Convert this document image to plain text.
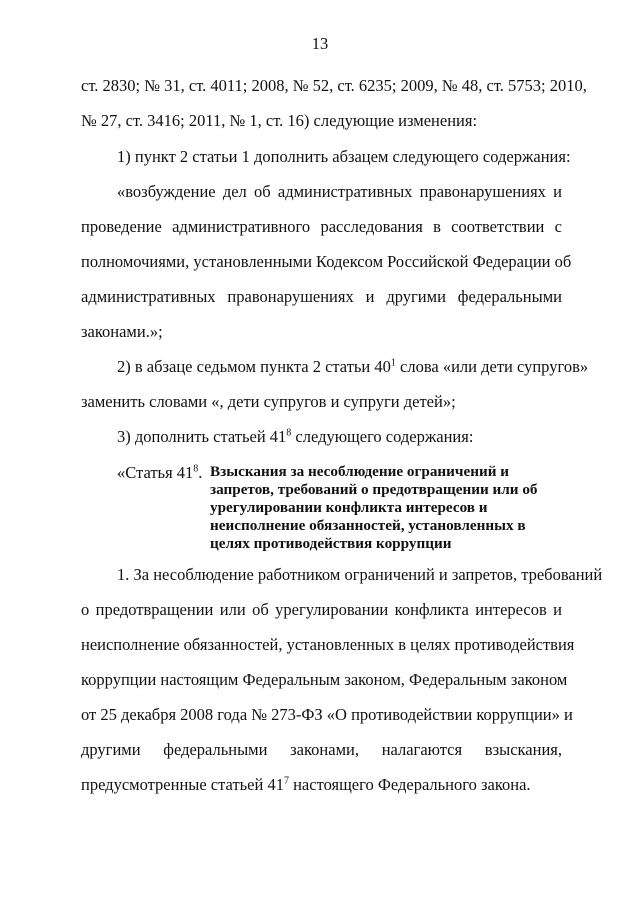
13
ст. 2830; № 31, ст. 4011; 2008, № 52, ст. 6235; 2009, № 48, ст. 5753; 2010,
№ 27, ст. 3416; 2011, № 1, ст. 16) следующие изменения:
1) пункт 2 статьи 1 дополнить абзацем следующего содержания:
«возбуждение дел об административных правонарушениях и
проведение административного расследования в соответствии с
полномочиями, установленными Кодексом Российской Федерации об
административных правонарушениях и другими федеральными
законами.»;
2) в абзаце седьмом пункта 2 статьи $40^1$ слова «или дети супругов»
заменить словами «, дети супругов и супруги детей»;
3) дополнить статьей $41^8$ следующего содержания:
«Статья $41^8$. Взыскания за несоблюдение ограничений и
запретов, требований о предотвращении или об
урегулировании конфликта интересов и
неисполнение обязанностей, установленных в
целях противодействия коррупции
1. За несоблюдение работником ограничений и запретов, требований
о предотвращении или об урегулировании конфликта интересов и
неисполнение обязанностей, установленных в целях противодействия
коррупции настоящим Федеральным законом, Федеральным законом
от 25 декабря 2008 года № 273-ФЗ «О противодействии коррупции» и
другими федеральными законами, налагаются взыскания,
предусмотренные статьей $41^7$ настоящего Федерального закона.
